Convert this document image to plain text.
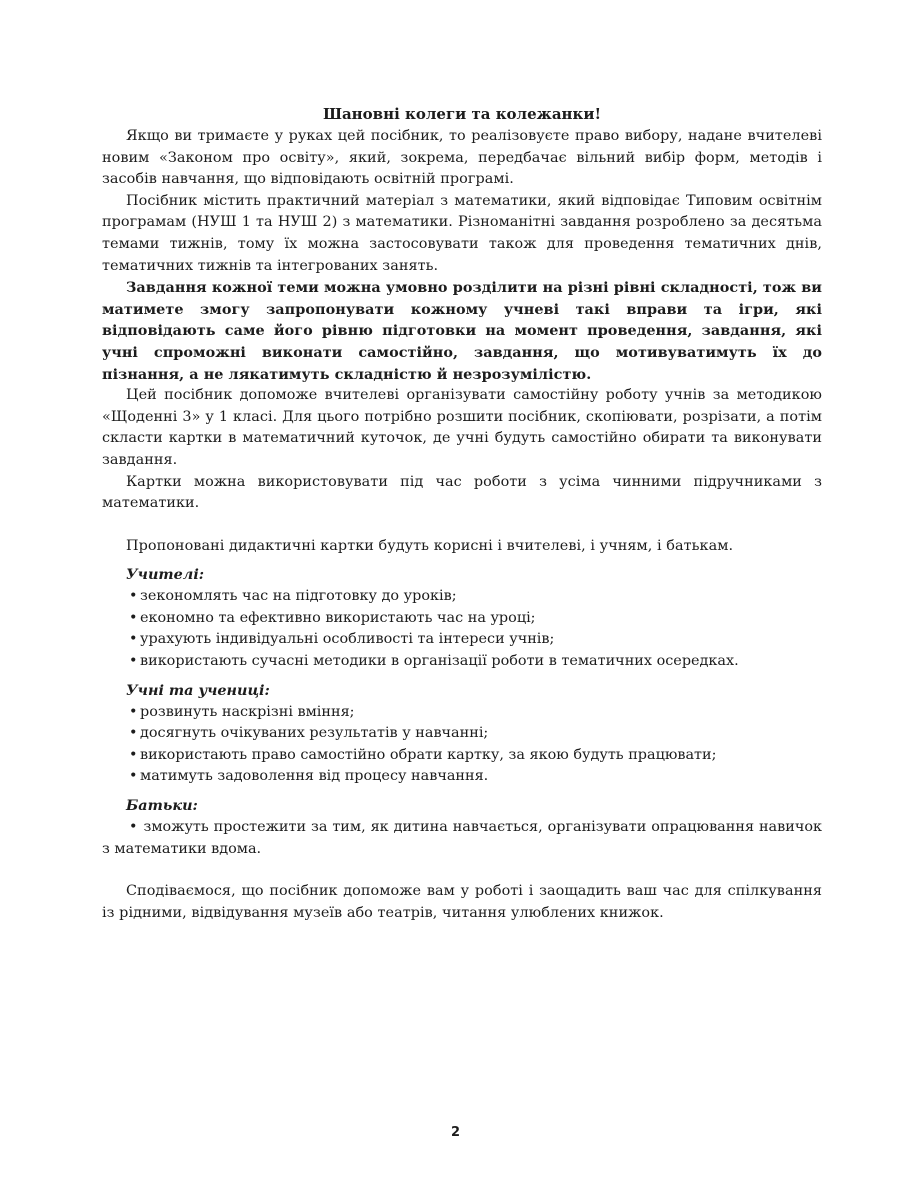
Шановні колеги та колежанки!

Якщо ви тримаєте у руках цей посібник, то реалізовуєте право вибору, надане вчителеві новим «Законом про освіту», який, зокрема, передбачає вільний вибір форм, методів і засобів навчання, що відповідають освітній програмі.

Посібник містить практичний матеріал з математики, який відповідає Типовим освітнім програмам (НУШ 1 та НУШ 2) з математики. Різноманітні завдання розроблено за десятьма темами тижнів, тому їх можна застосовувати також для проведення тематичних днів, тематичних тижнів та інтегрованих занять.

Завдання кожної теми можна умовно розділити на різні рівні складності, тож ви матимете змогу запропонувати кожному учневі такі вправи та ігри, які відповідають саме його рівню підготовки на момент проведення, завдання, які учні спроможні виконати самостійно, завдання, що мотивуватимуть їх до пізнання, а не лякатимуть складністю й незрозумілістю.

Цей посібник допоможе вчителеві організувати самостійну роботу учнів за методикою «Щоденні 3» у 1 класі. Для цього потрібно розшити посібник, скопіювати, розрізати, а потім скласти картки в математичний куточок, де учні будуть самостійно обирати та виконувати завдання.

Картки можна використовувати під час роботи з усіма чинними підручниками з математики.

Пропоновані дидактичні картки будуть корисні і вчителеві, і учням, і батькам.

Учителі:
• зекономлять час на підготовку до уроків;
• економно та ефективно використають час на уроці;
• урахують індивідуальні особливості та інтереси учнів;
• використають сучасні методики в організації роботи в тематичних осередках.
Учні та учениці:
• розвинуть наскрізні вміння;
• досягнуть очікуваних результатів у навчанні;
• використають право самостійно обрати картку, за якою будуть працювати;
• матимуть задоволення від процесу навчання.
Батьки:
• зможуть простежити за тим, як дитина навчається, організувати опрацювання навичок з математики вдома.

Сподіваємося, що посібник допоможе вам у роботі і заощадить ваш час для спілкування із рідними, відвідування музеїв або театрів, читання улюблених книжок.

2
